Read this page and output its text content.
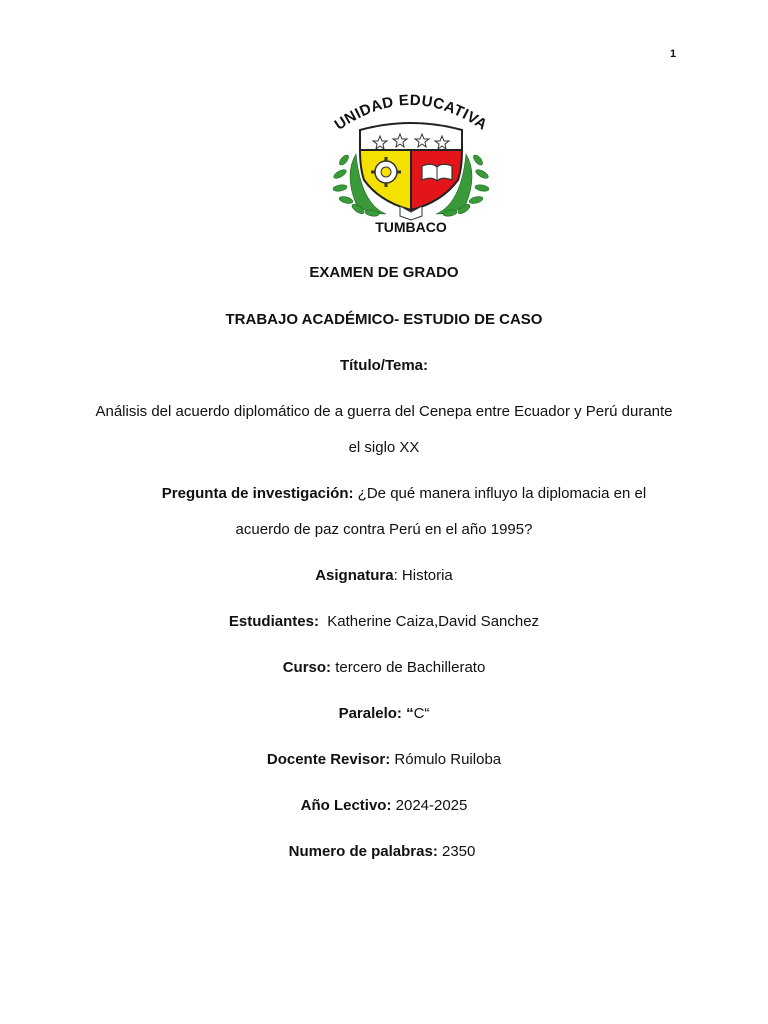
1
UNIDAD EDUCATIVA
TUMBACO
EXAMEN DE GRADO
TRABAJO ACADÉMICO- ESTUDIO DE CASO
Título/Tema:
Análisis del acuerdo diplomático de a guerra del Cenepa entre Ecuador y Perú durante
el siglo XX
Pregunta de investigación: ¿De qué manera influyo la diplomacia en el
acuerdo de paz contra Perú en el año 1995?
Asignatura: Historia
Estudiantes:  Katherine Caiza,David Sanchez
Curso: tercero de Bachillerato
Paralelo: “C“
Docente Revisor: Rómulo Ruiloba
Año Lectivo: 2024-2025
Numero de palabras: 2350
